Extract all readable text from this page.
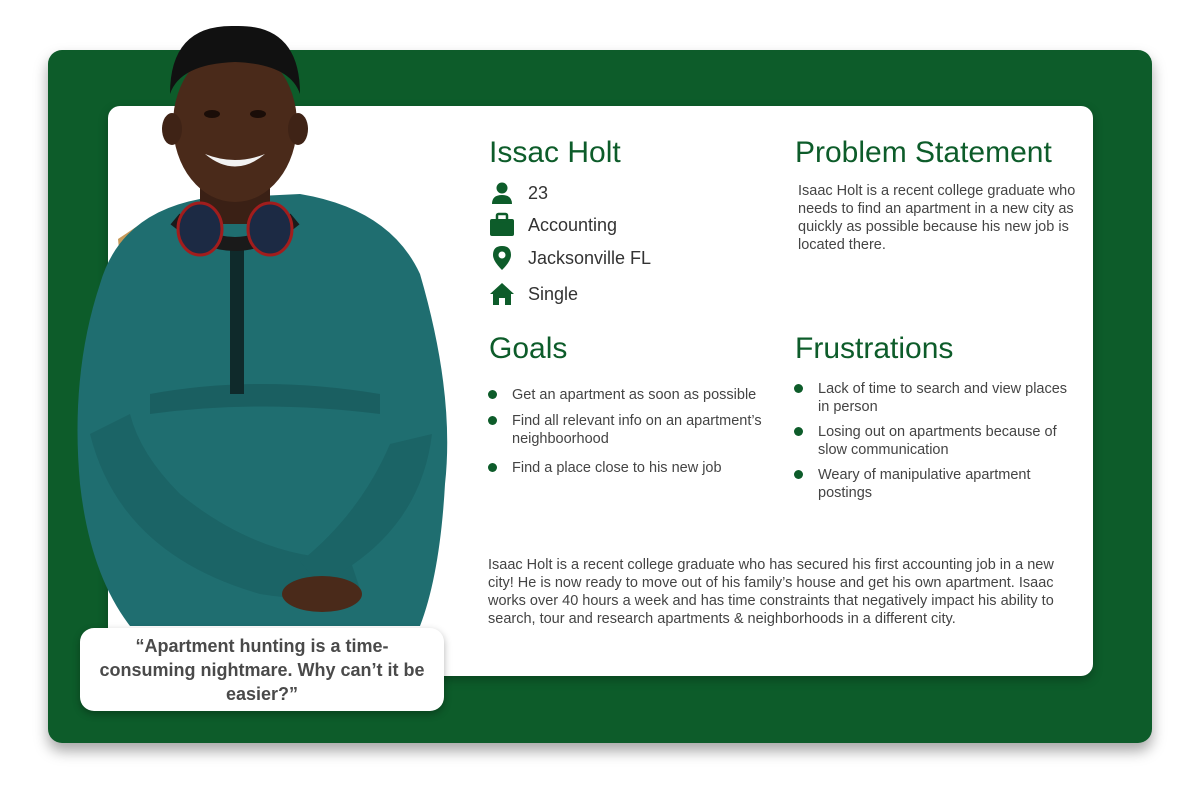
“Apartment hunting is a time-consuming nightmare. Why can’t it be easier?”
Issac Holt
23
Accounting
Jacksonville FL
Single
Problem Statement
Isaac Holt is a recent college graduate who needs to find an apartment in a new city as quickly as possible because his new job is located there.
Goals
Get an apartment as soon as possible
Find all relevant info on an apartment’s neighboorhood
Find a place close to his new job
Frustrations
Lack of time to search and view places in person
Losing out on apartments because of slow communication
Weary of manipulative apartment postings
Isaac Holt is a recent college graduate who has secured his first accounting job in a new city! He is now ready to move out of his family’s house and get his own apartment. Isaac works over 40 hours a week and has time constraints that negatively impact his ability to search, tour and research apartments & neighborhoods in a different city.
